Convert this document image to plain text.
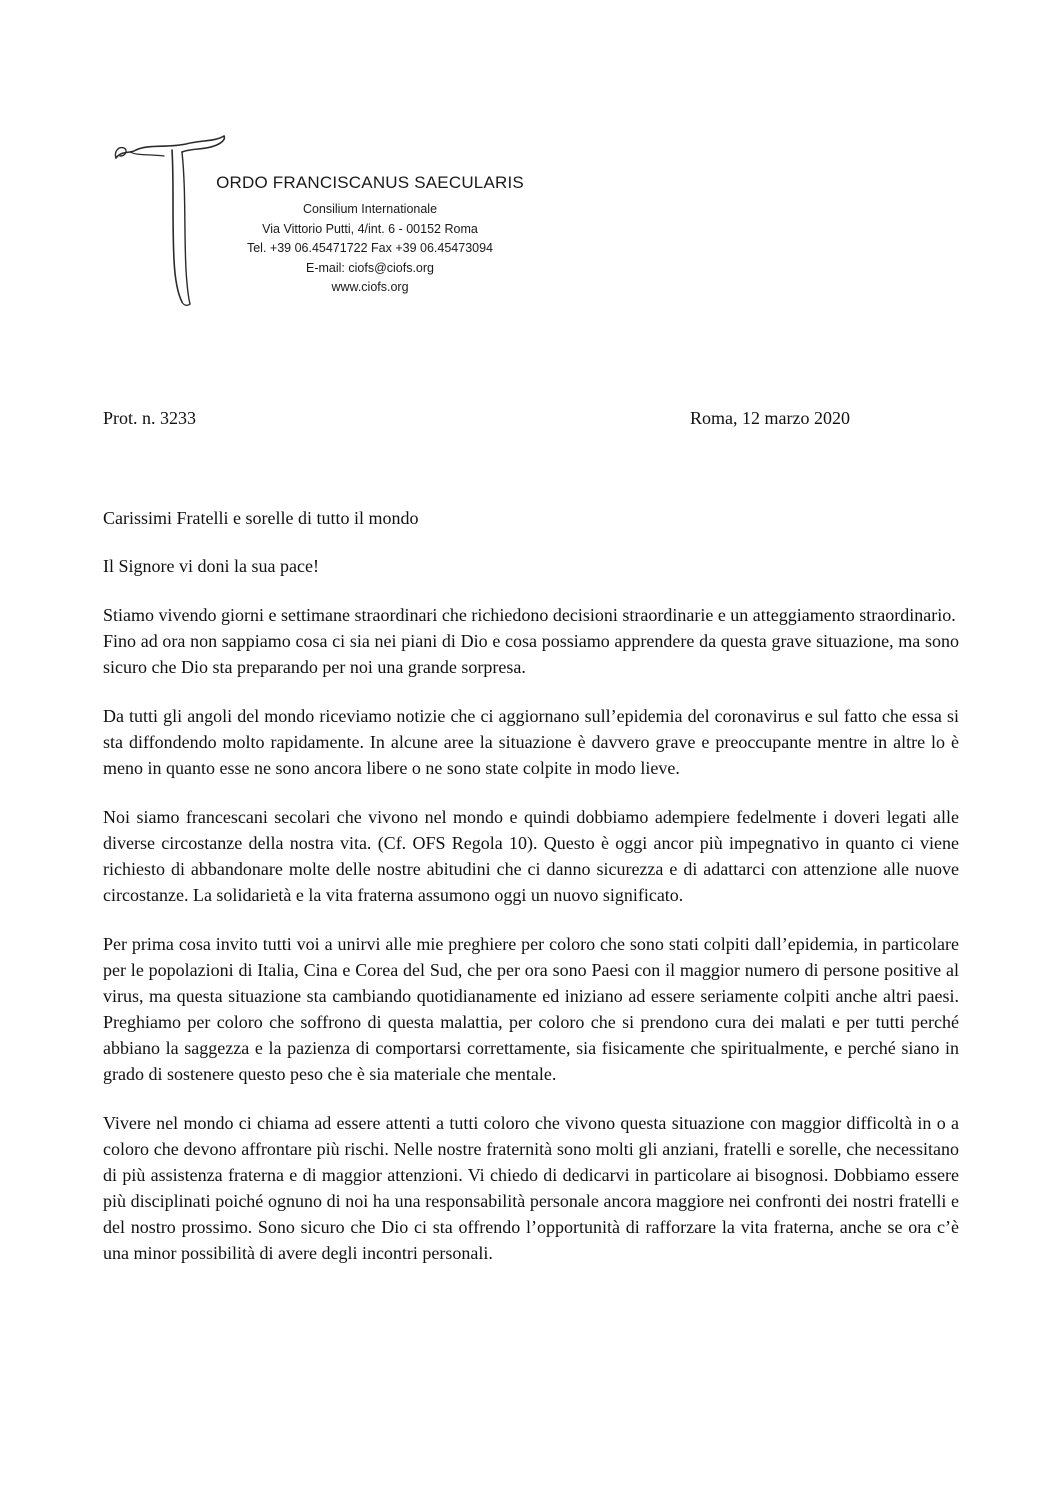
ORDO FRANCISCANUS SAECULARIS
Consilium Internationale
Via Vittorio Putti, 4/int. 6 - 00152 Roma
Tel. +39 06.45471722 Fax +39 06.45473094
E-mail: ciofs@ciofs.org
www.ciofs.org
Prot. n. 3233	Roma, 12 marzo 2020

Carissimi Fratelli e sorelle di tutto il mondo

Il Signore vi doni la sua pace!

Stiamo vivendo giorni e settimane straordinari che richiedono decisioni straordinarie e un atteggiamento straordinario.

Fino ad ora non sappiamo cosa ci sia nei piani di Dio e cosa possiamo apprendere da questa grave situazione, ma sono sicuro che Dio sta preparando per noi una grande sorpresa.

Da tutti gli angoli del mondo riceviamo notizie che ci aggiornano sull’epidemia del coronavirus e sul fatto che essa si sta diffondendo molto rapidamente. In alcune aree la situazione è davvero grave e preoccupante mentre in altre lo è meno in quanto esse ne sono ancora libere o ne sono state colpite in modo lieve.

Noi siamo francescani secolari che vivono nel mondo e quindi dobbiamo adempiere fedelmente i doveri legati alle diverse circostanze della nostra vita. (Cf. OFS Regola 10). Questo è oggi ancor più impegnativo in quanto ci viene richiesto di abbandonare molte delle nostre abitudini che ci danno sicurezza e di adattarci con attenzione alle nuove circostanze. La solidarietà e la vita fraterna assumono oggi un nuovo significato.

Per prima cosa invito tutti voi a unirvi alle mie preghiere per coloro che sono stati colpiti dall’epidemia, in particolare per le popolazioni di Italia, Cina e Corea del Sud, che per ora sono Paesi con il maggior numero di persone positive al virus, ma questa situazione sta cambiando quotidianamente ed iniziano ad essere seriamente colpiti anche altri paesi. Preghiamo per coloro che soffrono di questa malattia, per coloro che si prendono cura dei malati e per tutti perché abbiano la saggezza e la pazienza di comportarsi correttamente, sia fisicamente che spiritualmente, e perché siano in grado di sostenere questo peso che è sia materiale che mentale.

Vivere nel mondo ci chiama ad essere attenti a tutti coloro che vivono questa situazione con maggior difficoltà in o a coloro che devono affrontare più rischi. Nelle nostre fraternità sono molti gli anziani, fratelli e sorelle, che necessitano di più assistenza fraterna e di maggior attenzioni. Vi chiedo di dedicarvi in particolare ai bisognosi. Dobbiamo essere più disciplinati poiché ognuno di noi ha una responsabilità personale ancora maggiore nei confronti dei nostri fratelli e del nostro prossimo. Sono sicuro che Dio ci sta offrendo l’opportunità di rafforzare la vita fraterna, anche se ora c’è una minor possibilità di avere degli incontri personali.
